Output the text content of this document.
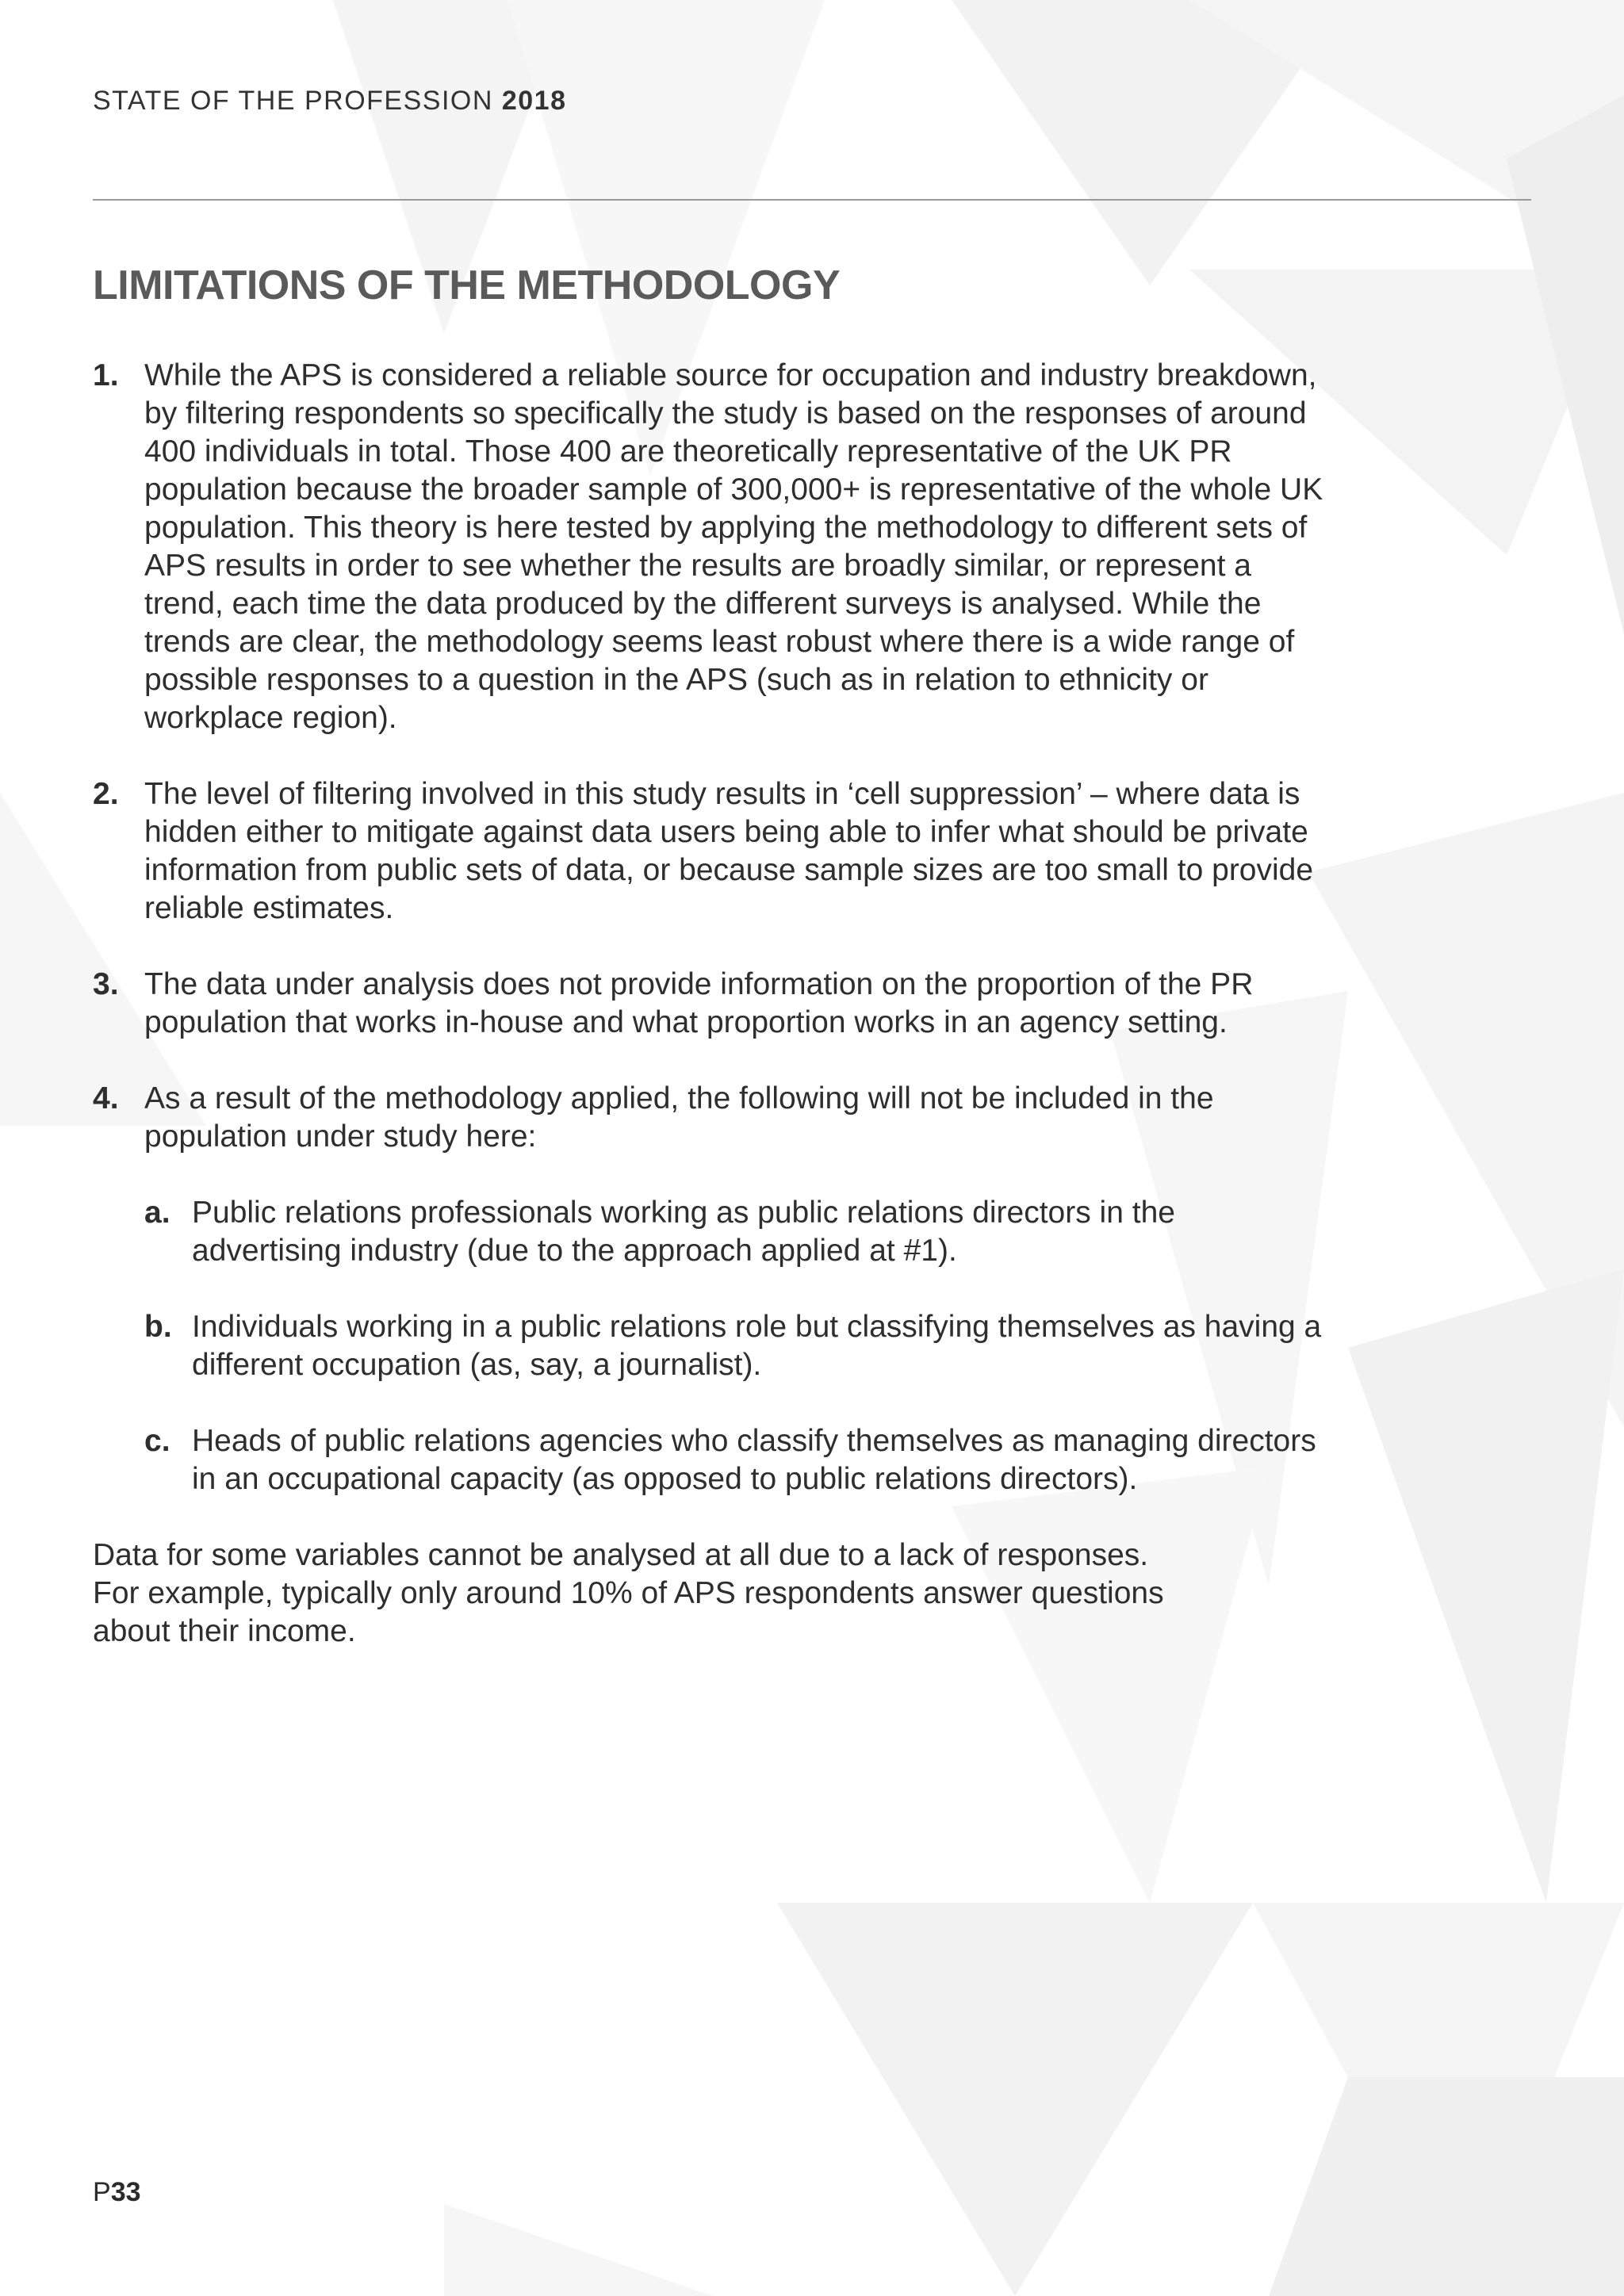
STATE OF THE PROFESSION 2018
LIMITATIONS OF THE METHODOLOGY
1. While the APS is considered a reliable source for occupation and industry breakdown, by filtering respondents so specifically the study is based on the responses of around 400 individuals in total. Those 400 are theoretically representative of the UK PR population because the broader sample of 300,000+ is representative of the whole UK population. This theory is here tested by applying the methodology to different sets of APS results in order to see whether the results are broadly similar, or represent a trend, each time the data produced by the different surveys is analysed. While the trends are clear, the methodology seems least robust where there is a wide range of possible responses to a question in the APS (such as in relation to ethnicity or workplace region).
2. The level of filtering involved in this study results in ‘cell suppression’ – where data is hidden either to mitigate against data users being able to infer what should be private information from public sets of data, or because sample sizes are too small to provide reliable estimates.
3. The data under analysis does not provide information on the proportion of the PR population that works in-house and what proportion works in an agency setting.
4. As a result of the methodology applied, the following will not be included in the population under study here:
a. Public relations professionals working as public relations directors in the advertising industry (due to the approach applied at #1).
b. Individuals working in a public relations role but classifying themselves as having a different occupation (as, say, a journalist).
c. Heads of public relations agencies who classify themselves as managing directors in an occupational capacity (as opposed to public relations directors).

Data for some variables cannot be analysed at all due to a lack of responses. For example, typically only around 10% of APS respondents answer questions about their income.

P33
